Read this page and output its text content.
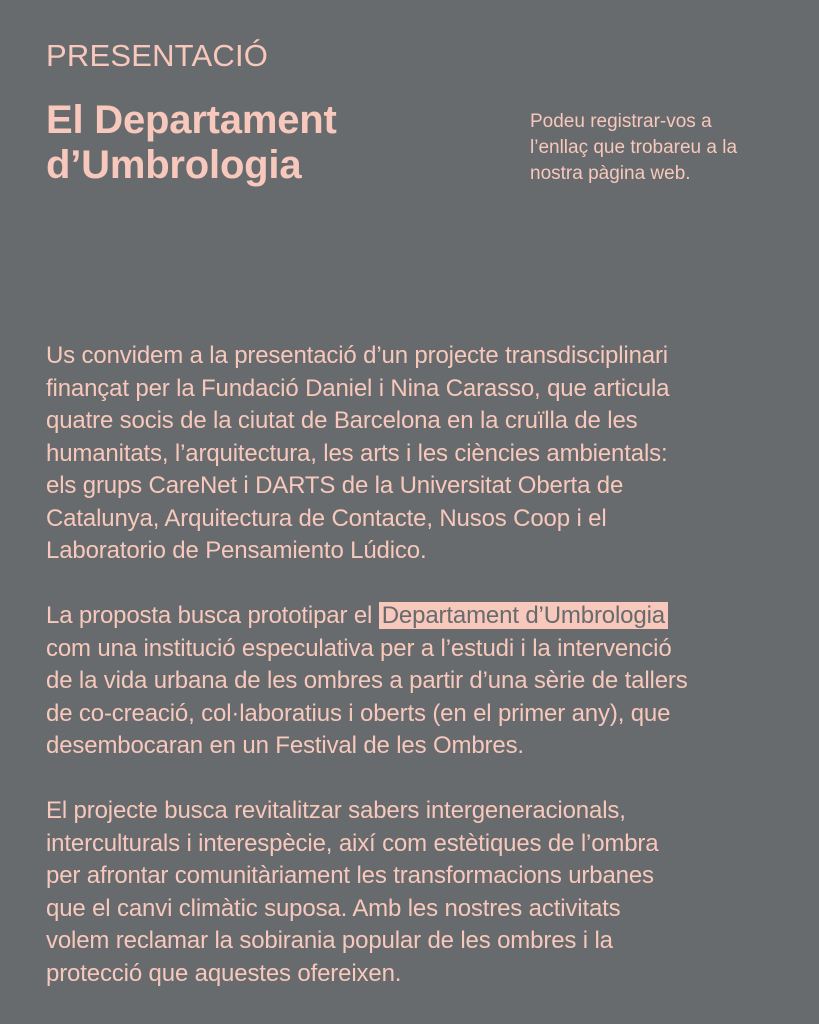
PRESENTACIÓ
El Departament
d’Umbrologia
Podeu registrar-vos a
l’enllaç que trobareu a la
nostra pàgina web.

Us convidem a la presentació d’un projecte transdisciplinari
finançat per la Fundació Daniel i Nina Carasso, que articula
quatre socis de la ciutat de Barcelona en la cruïlla de les
humanitats, l’arquitectura, les arts i les ciències ambientals:
els grups CareNet i DARTS de la Universitat Oberta de
Catalunya, Arquitectura de Contacte, Nusos Coop i el
Laboratorio de Pensamiento Lúdico.

La proposta busca prototipar el Departament d’Umbrologia
com una institució especulativa per a l’estudi i la intervenció
de la vida urbana de les ombres a partir d’una sèrie de tallers
de co-creació, col·laboratius i oberts (en el primer any), que
desembocaran en un Festival de les Ombres.

El projecte busca revitalitzar sabers intergeneracionals,
interculturals i interespècie, així com estètiques de l’ombra
per afrontar comunitàriament les transformacions urbanes
que el canvi climàtic suposa. Amb les nostres activitats
volem reclamar la sobirania popular de les ombres i la
protecció que aquestes ofereixen.
